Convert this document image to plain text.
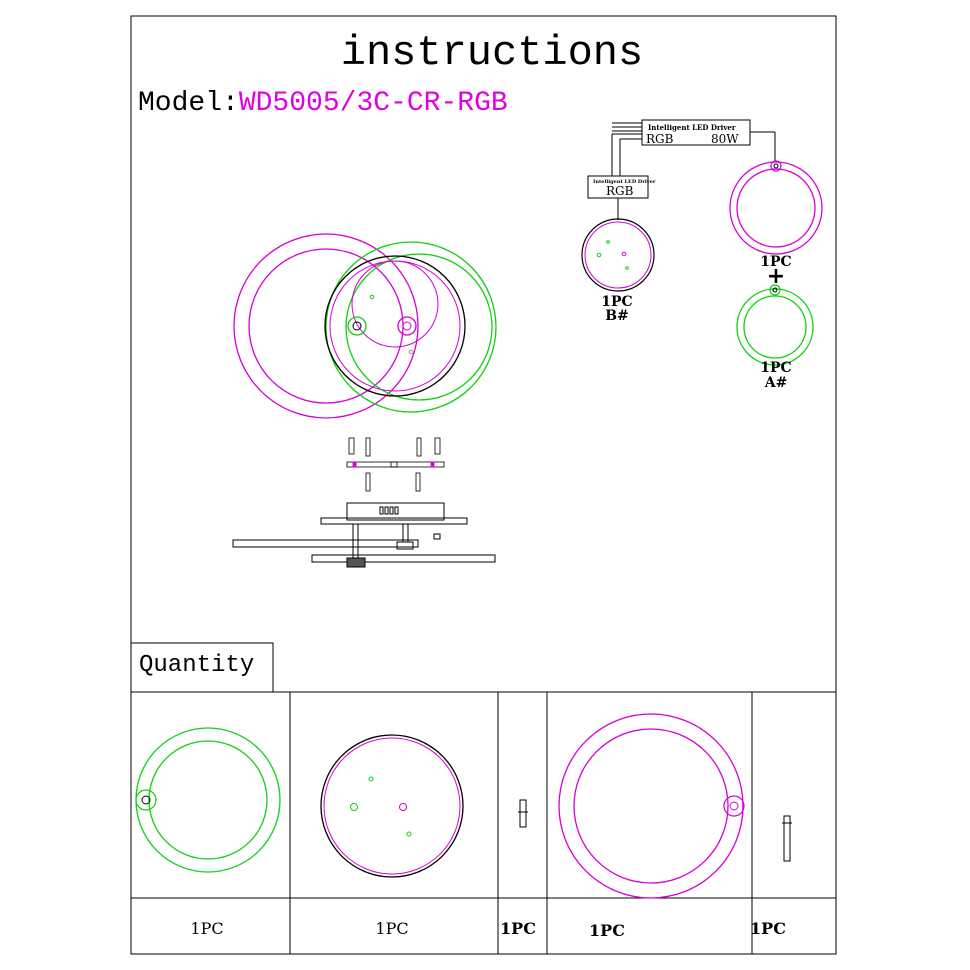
instructions
Model:WD5005/3C-CR-RGB
Intelligent LED Driver
RGB	80W
Intelligent LED Driver
RGB
1PC
B#
1PC
+
1PC
A#
Quantity
1PC	1PC	1PC	1PC	1PC
